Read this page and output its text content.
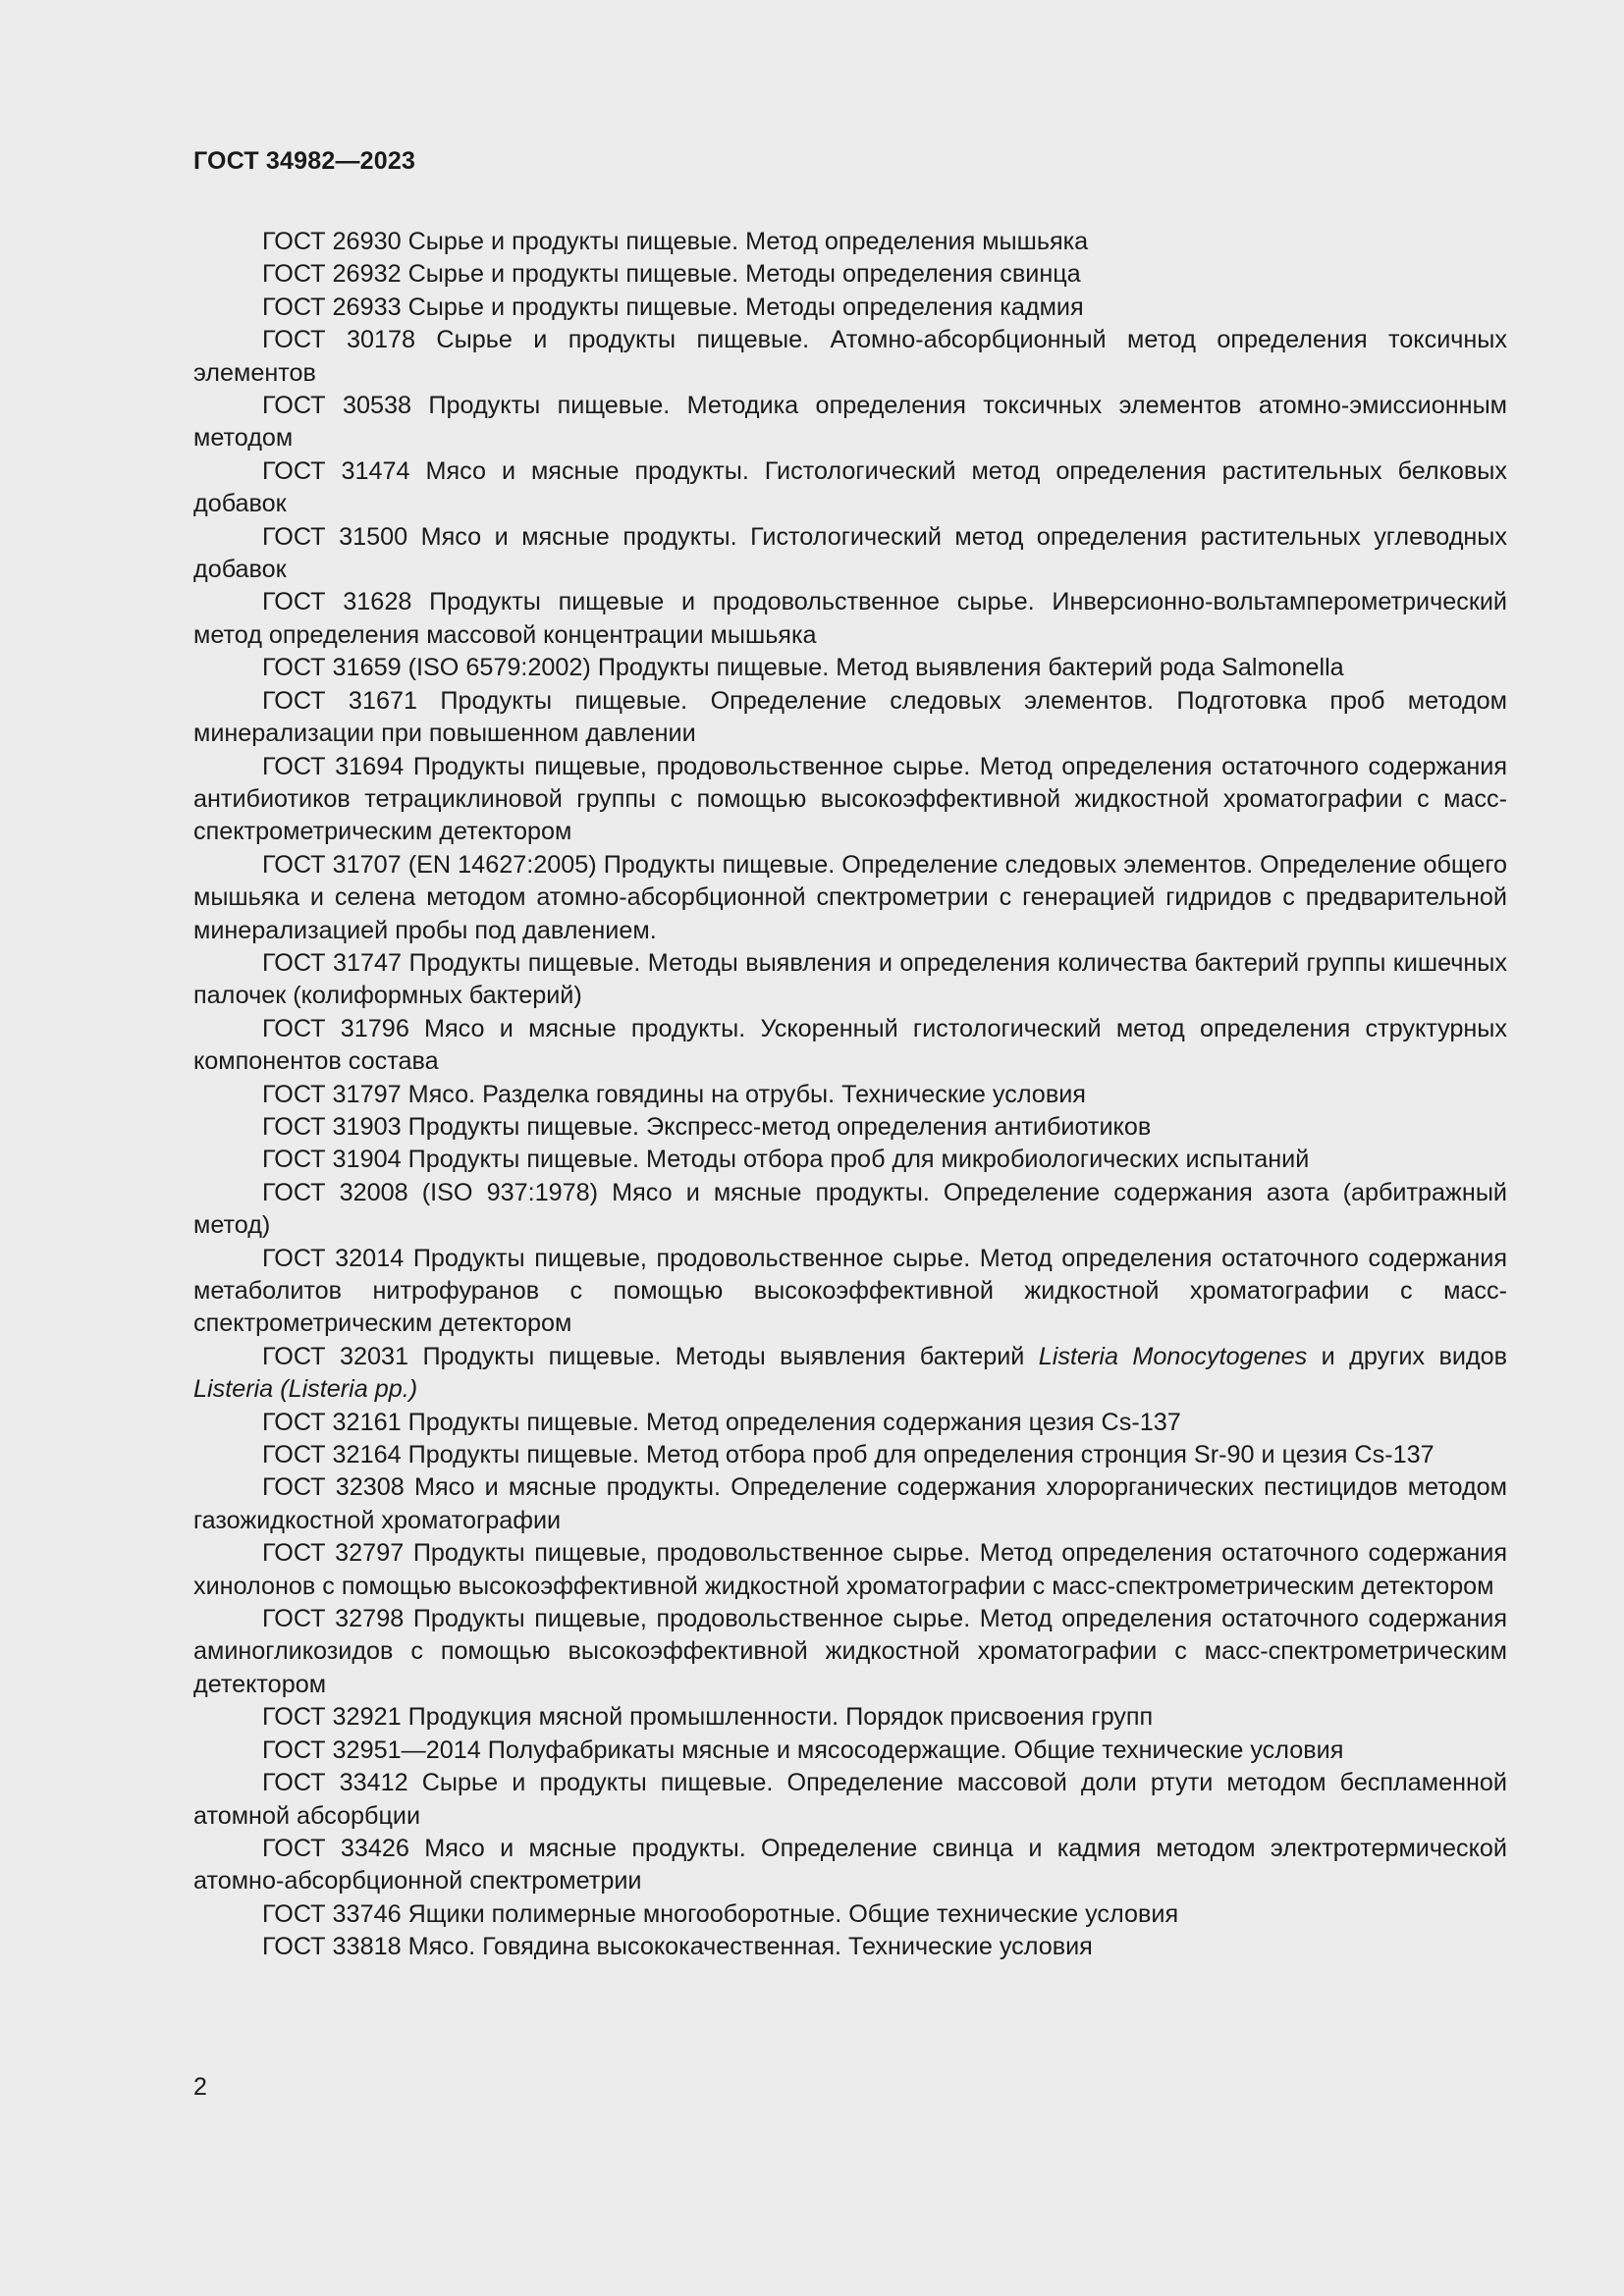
ГОСТ 34982—2023

ГОСТ 26930 Сырье и продукты пищевые. Метод определения мышьяка

ГОСТ 26932 Сырье и продукты пищевые. Методы определения свинца

ГОСТ 26933 Сырье и продукты пищевые. Методы определения кадмия

ГОСТ 30178 Сырье и продукты пищевые. Атомно-абсорбционный метод определения токсичных элементов

ГОСТ 30538 Продукты пищевые. Методика определения токсичных элементов атомно-эмиссионным методом

ГОСТ 31474 Мясо и мясные продукты. Гистологический метод определения растительных белковых добавок

ГОСТ 31500 Мясо и мясные продукты. Гистологический метод определения растительных углеводных добавок

ГОСТ 31628 Продукты пищевые и продовольственное сырье. Инверсионно-вольтамперометрический метод определения массовой концентрации мышьяка

ГОСТ 31659 (ISO 6579:2002) Продукты пищевые. Метод выявления бактерий рода Salmonella

ГОСТ 31671 Продукты пищевые. Определение следовых элементов. Подготовка проб методом минерализации при повышенном давлении

ГОСТ 31694 Продукты пищевые, продовольственное сырье. Метод определения остаточного содержания антибиотиков тетрациклиновой группы с помощью высокоэффективной жидкостной хроматографии с масс-спектрометрическим детектором

ГОСТ 31707 (EN 14627:2005) Продукты пищевые. Определение следовых элементов. Определение общего мышьяка и селена методом атомно-абсорбционной спектрометрии с генерацией гидридов с предварительной минерализацией пробы под давлением.

ГОСТ 31747 Продукты пищевые. Методы выявления и определения количества бактерий группы кишечных палочек (колиформных бактерий)

ГОСТ 31796 Мясо и мясные продукты. Ускоренный гистологический метод определения структурных компонентов состава

ГОСТ 31797 Мясо. Разделка говядины на отрубы. Технические условия

ГОСТ 31903 Продукты пищевые. Экспресс-метод определения антибиотиков

ГОСТ 31904 Продукты пищевые. Методы отбора проб для микробиологических испытаний

ГОСТ 32008 (ISO 937:1978) Мясо и мясные продукты. Определение содержания азота (арбитражный метод)

ГОСТ 32014 Продукты пищевые, продовольственное сырье. Метод определения остаточного содержания метаболитов нитрофуранов с помощью высокоэффективной жидкостной хроматографии с масс-спектрометрическим детектором

ГОСТ 32031 Продукты пищевые. Методы выявления бактерий Listeria Monocytogenes и других видов Listeria (Listeria pp.)

ГОСТ 32161 Продукты пищевые. Метод определения содержания цезия Cs-137

ГОСТ 32164 Продукты пищевые. Метод отбора проб для определения стронция Sr-90 и цезия Cs-137

ГОСТ 32308 Мясо и мясные продукты. Определение содержания хлорорганических пестицидов методом газожидкостной хроматографии

ГОСТ 32797 Продукты пищевые, продовольственное сырье. Метод определения остаточного содержания хинолонов с помощью высокоэффективной жидкостной хроматографии с масс-спектрометрическим детектором

ГОСТ 32798 Продукты пищевые, продовольственное сырье. Метод определения остаточного содержания аминогликозидов с помощью высокоэффективной жидкостной хроматографии с масс-спектрометрическим детектором

ГОСТ 32921 Продукция мясной промышленности. Порядок присвоения групп

ГОСТ 32951—2014 Полуфабрикаты мясные и мясосодержащие. Общие технические условия

ГОСТ 33412 Сырье и продукты пищевые. Определение массовой доли ртути методом беспламенной атомной абсорбции

ГОСТ 33426 Мясо и мясные продукты. Определение свинца и кадмия методом электротермической атомно-абсорбционной спектрометрии

ГОСТ 33746 Ящики полимерные многооборотные. Общие технические условия

ГОСТ 33818 Мясо. Говядина высококачественная. Технические условия

2
